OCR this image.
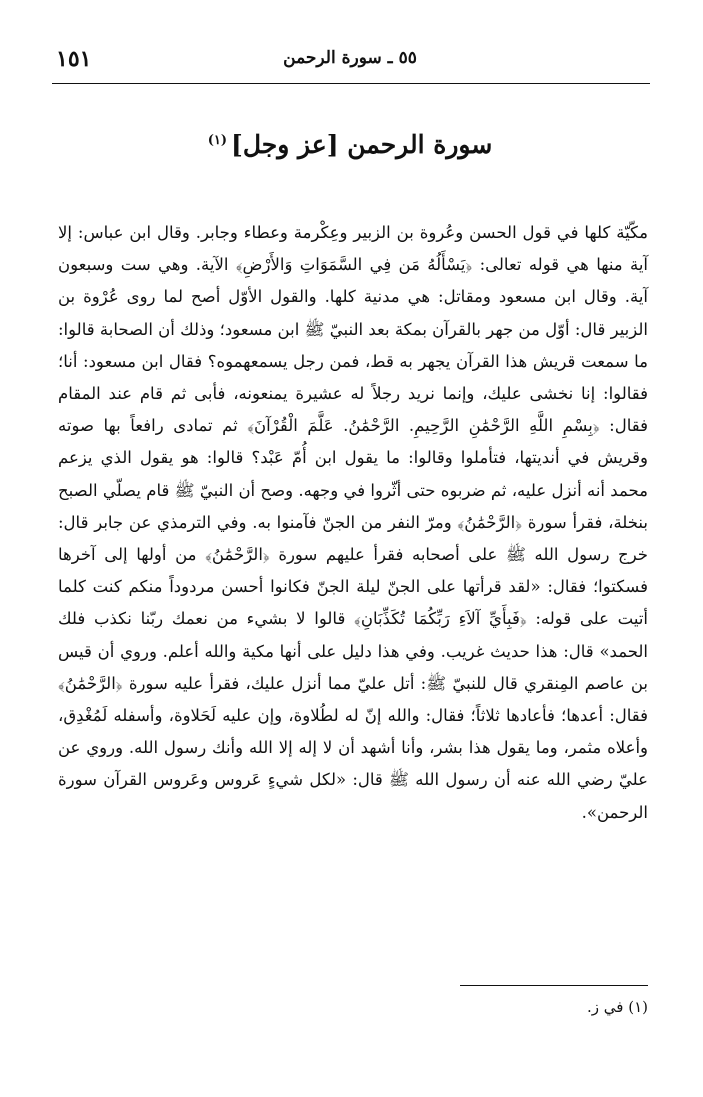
١٥١	٥٥ ـ سورة الرحمن
سورة الرحمن [عز وجل]$^{(١)}$

مكّيّة كلها في قول الحسن وعُروة بن الزبير وعِكْرمة وعطاء وجابر. وقال ابن عباس: إلا آية منها هي قوله تعالى: ﴿يَسْأَلُهُ مَن فِي السَّمَوَاتِ وَالأَرْضِ﴾ الآية. وهي ست وسبعون آية. وقال ابن مسعود ومقاتل: هي مدنية كلها. والقول الأوّل أصح لما روى عُرْوة بن الزبير قال: أوّل من جهر بالقرآن بمكة بعد النبيّ ﷺ ابن مسعود؛ وذلك أن الصحابة قالوا: ما سمعت قريش هذا القرآن يجهر به قط، فمن رجل يسمعهموه؟ فقال ابن مسعود: أنا؛ فقالوا: إنا نخشى عليك، وإنما نريد رجلاً له عشيرة يمنعونه، فأبى ثم قام عند المقام فقال: ﴿بِسْمِ اللَّهِ الرَّحْمَٰنِ الرَّحِيمِ. الرَّحْمَٰنُ. عَلَّمَ الْقُرْآنَ﴾ ثم تمادى رافعاً بها صوته وقريش في أنديتها، فتأملوا وقالوا: ما يقول ابن أُمّ عَبْد؟ قالوا: هو يقول الذي يزعم محمد أنه أنزل عليه، ثم ضربوه حتى أثّروا في وجهه. وصح أن النبيّ ﷺ قام يصلّي الصبح بنخلة، فقرأ سورة ﴿الرَّحْمَٰنُ﴾ ومرّ النفر من الجنّ فآمنوا به. وفي الترمذي عن جابر قال: خرج رسول الله ﷺ على أصحابه فقرأ عليهم سورة ﴿الرَّحْمَٰنُ﴾ من أولها إلى آخرها فسكتوا؛ فقال: «لقد قرأتها على الجنّ ليلة الجنّ فكانوا أحسن مردوداً منكم كنت كلما أتيت على قوله: ﴿فَبِأَيِّ آلاَءِ رَبِّكُمَا تُكَذِّبَانِ﴾ قالوا لا بشيء من نعمك ربّنا نكذب فلك الحمد» قال: هذا حديث غريب. وفي هذا دليل على أنها مكية والله أعلم. وروي أن قيس بن عاصم المِنقري قال للنبيّ ﷺ: أتل عليّ مما أنزل عليك، فقرأ عليه سورة ﴿الرَّحْمَٰنُ﴾ فقال: أعدها؛ فأعادها ثلاثاً؛ فقال: والله إنّ له لطُلاوة، وإن عليه لَحَلاوة، وأسفله لَمُغْدِق، وأعلاه مثمر، وما يقول هذا بشر، وأنا أشهد أن لا إله إلا الله وأنك رسول الله. وروي عن عليّ رضي الله عنه أن رسول الله ﷺ قال: «لكل شيءٍ عَروس وعَروس القرآن سورة الرحمن».

(١) في ز.
